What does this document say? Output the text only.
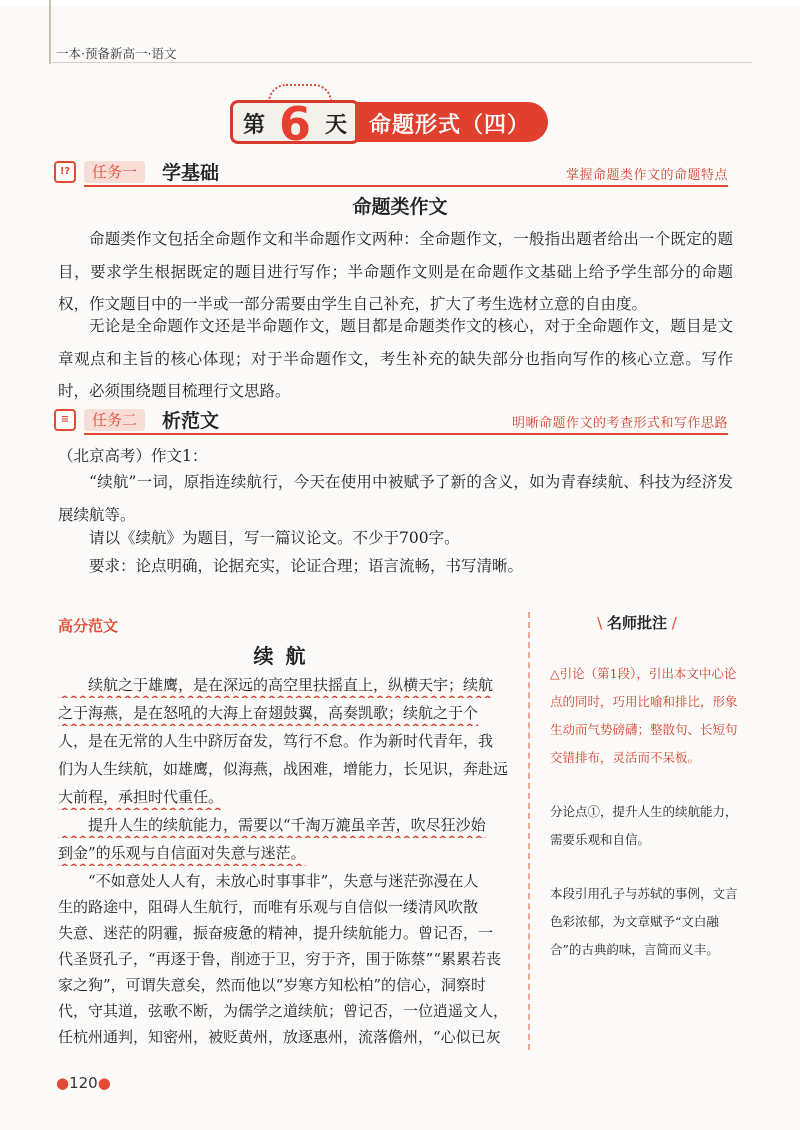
一本·预备新高一·语文
第 6 天 命题形式（四）
!?	任务一	学基础	掌握命题类作文的命题特点
命题类作文
命题类作文包括全命题作文和半命题作文两种：全命题作文，一般指出题者给出一个既定的题目，要求学生根据既定的题目进行写作；半命题作文则是在命题作文基础上给予学生部分的命题权，作文题目中的一半或一部分需要由学生自己补充，扩大了考生选材立意的自由度。
无论是全命题作文还是半命题作文，题目都是命题类作文的核心，对于全命题作文，题目是文章观点和主旨的核心体现；对于半命题作文，考生补充的缺失部分也指向写作的核心立意。写作时，必须围绕题目梳理行文思路。
≡	任务二	析范文	明晰命题作文的考查形式和写作思路
（北京高考）作文1：
“续航”一词，原指连续航行，今天在使用中被赋予了新的含义，如为青春续航、科技为经济发展续航等。
请以《续航》为题目，写一篇议论文。不少于700字。
要求：论点明确，论据充实，论证合理；语言流畅，书写清晰。
高分范文
续航
　　续航之于雄鹰，是在深远的高空里扶摇直上，纵横天宇；续航
之于海燕，是在怒吼的大海上奋翅鼓翼，高奏凯歌；续航之于个
人，是在无常的人生中跻厉奋发，笃行不怠。作为新时代青年，我
们为人生续航，如雄鹰，似海燕，战困难，增能力，长见识，奔赴远
大前程，承担时代重任。
　　提升人生的续航能力，需要以“千淘万漉虽辛苦，吹尽狂沙始
到金”的乐观与自信面对失意与迷茫。
　　“不如意处人人有，未放心时事事非”，失意与迷茫弥漫在人
生的路途中，阻碍人生航行，而唯有乐观与自信似一缕清风吹散
失意、迷茫的阴霾，振奋疲惫的精神，提升续航能力。曾记否，一
代圣贤孔子，“再逐于鲁，削迹于卫，穷于齐，围于陈蔡”“累累若丧
家之狗”，可谓失意矣，然而他以“岁寒方知松柏”的信心，洞察时
代，守其道，弦歌不断，为儒学之道续航；曾记否，一位逍遥文人，
任杭州通判，知密州，被贬黄州，放逐惠州，流落儋州，“心似已灰
\ 名师批注 /
△引论（第1段），引出本文中心论点的同时，巧用比喻和排比，形象生动而气势磅礴；整散句、长短句交错排布，灵活而不呆板。
分论点①，提升人生的续航能力，需要乐观和自信。
本段引用孔子与苏轼的事例，文言色彩浓郁，为文章赋予“文白融合”的古典韵味，言简而义丰。
●120●
